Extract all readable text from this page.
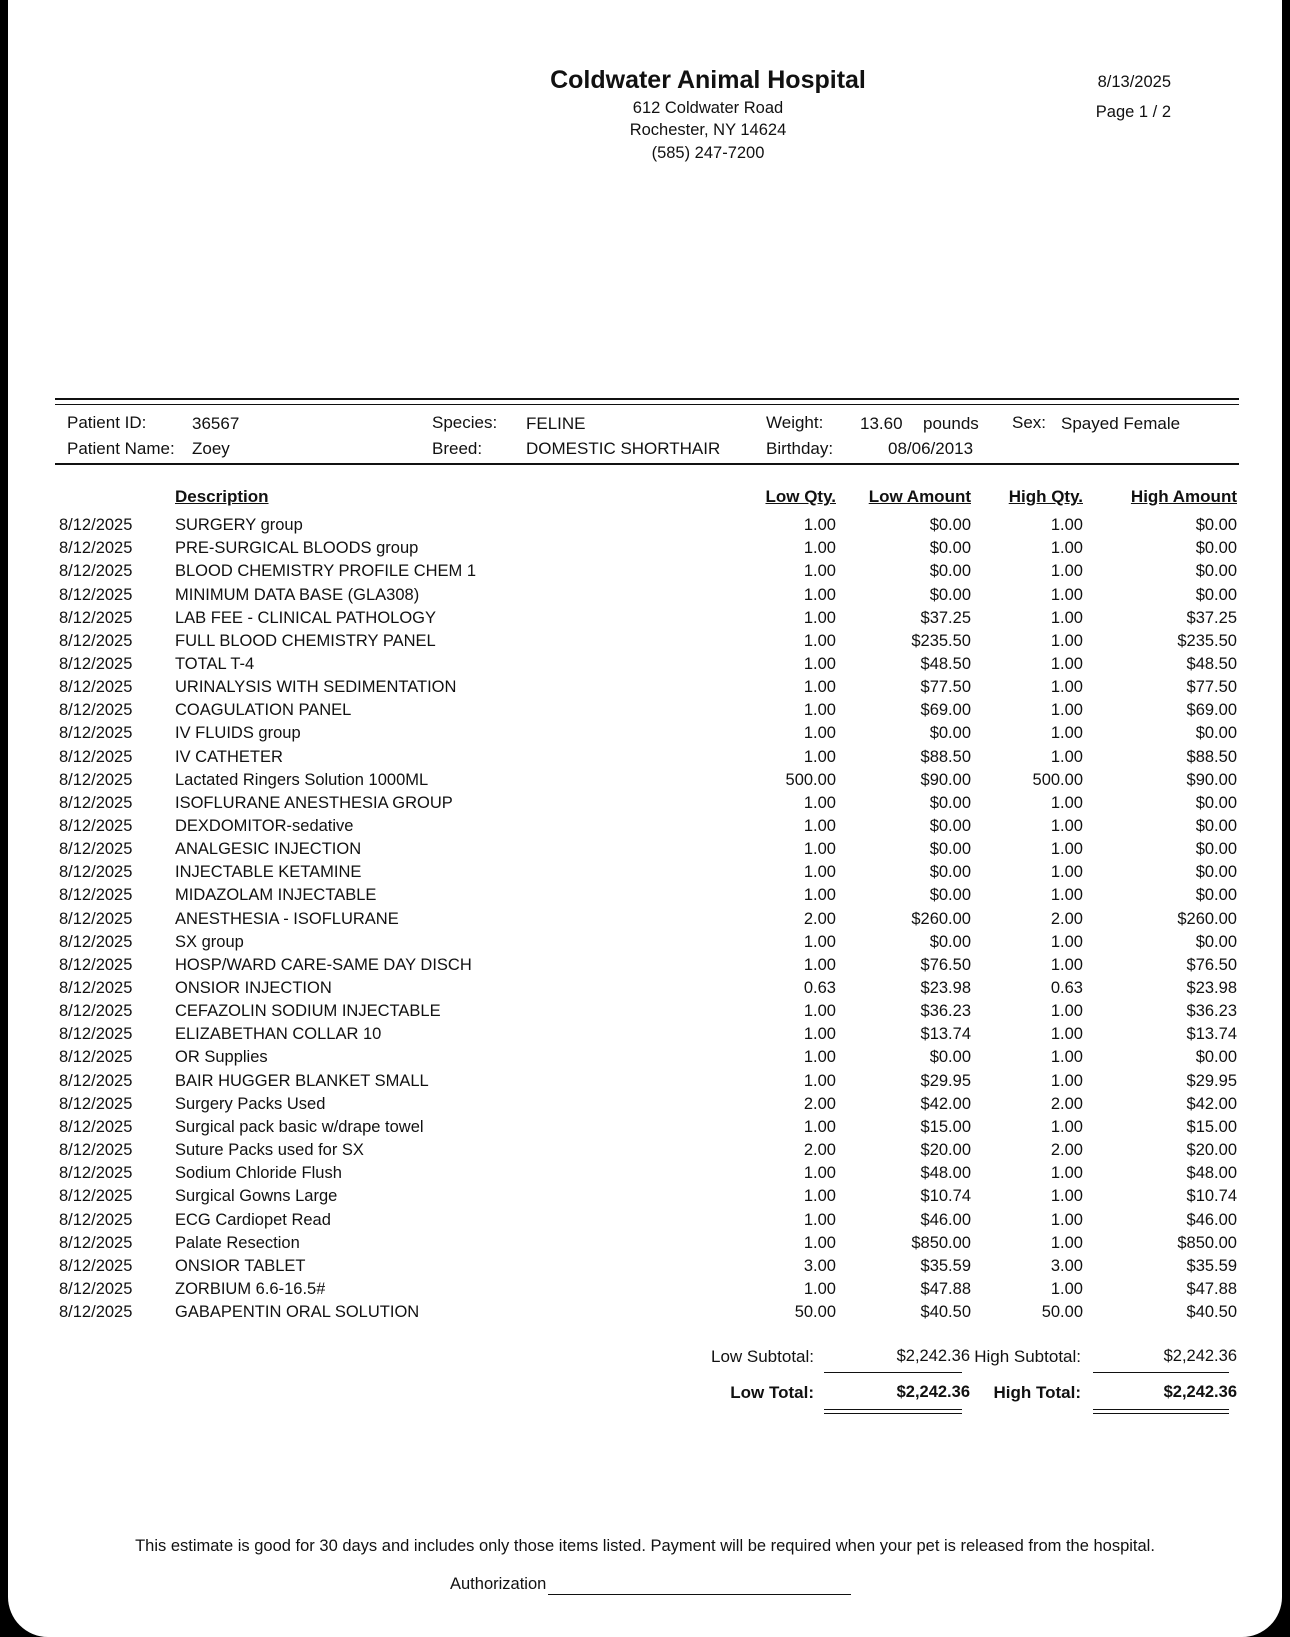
Coldwater Animal Hospital
612 Coldwater Road
Rochester, NY 14624
(585) 247-7200
8/13/2025
Page 1 / 2
Patient ID:	36567
Patient Name: Zoey
Species: FELINE
Breed:	DOMESTIC SHORTHAIR
Weight: 13.60 pounds
Birthday:	08/06/2013
Sex: Spayed Female
Description	Low Qty. Low Amount High Qty.	High Amount
8/12/2025	SURGERY group	1.00	$0.00	1.00	$0.00
8/12/2025	PRE-SURGICAL BLOODS group	1.00	$0.00	1.00	$0.00
8/12/2025	BLOOD CHEMISTRY PROFILE CHEM 1	1.00	$0.00	1.00	$0.00
8/12/2025	MINIMUM DATA BASE (GLA308)	1.00	$0.00	1.00	$0.00
8/12/2025	LAB FEE - CLINICAL PATHOLOGY	1.00	$37.25	1.00	$37.25
8/12/2025	FULL BLOOD CHEMISTRY PANEL	1.00	$235.50	1.00	$235.50
8/12/2025	TOTAL T-4	1.00	$48.50	1.00	$48.50
8/12/2025	URINALYSIS WITH SEDIMENTATION	1.00	$77.50	1.00	$77.50
8/12/2025	COAGULATION PANEL	1.00	$69.00	1.00	$69.00
8/12/2025	IV FLUIDS group	1.00	$0.00	1.00	$0.00
8/12/2025	IV CATHETER	1.00	$88.50	1.00	$88.50
8/12/2025	Lactated Ringers Solution 1000ML	500.00	$90.00	500.00	$90.00
8/12/2025	ISOFLURANE ANESTHESIA GROUP	1.00	$0.00	1.00	$0.00
8/12/2025	DEXDOMITOR-sedative	1.00	$0.00	1.00	$0.00
8/12/2025	ANALGESIC INJECTION	1.00	$0.00	1.00	$0.00
8/12/2025	INJECTABLE KETAMINE	1.00	$0.00	1.00	$0.00
8/12/2025	MIDAZOLAM INJECTABLE	1.00	$0.00	1.00	$0.00
8/12/2025	ANESTHESIA - ISOFLURANE	2.00	$260.00	2.00	$260.00
8/12/2025	SX group	1.00	$0.00	1.00	$0.00
8/12/2025	HOSP/WARD CARE-SAME DAY DISCH	1.00	$76.50	1.00	$76.50
8/12/2025	ONSIOR INJECTION	0.63	$23.98	0.63	$23.98
8/12/2025	CEFAZOLIN SODIUM INJECTABLE	1.00	$36.23	1.00	$36.23
8/12/2025	ELIZABETHAN COLLAR 10	1.00	$13.74	1.00	$13.74
8/12/2025	OR Supplies	1.00	$0.00	1.00	$0.00
8/12/2025	BAIR HUGGER BLANKET SMALL	1.00	$29.95	1.00	$29.95
8/12/2025	Surgery Packs Used	2.00	$42.00	2.00	$42.00
8/12/2025	Surgical pack basic w/drape towel	1.00	$15.00	1.00	$15.00
8/12/2025	Suture Packs used for SX	2.00	$20.00	2.00	$20.00
8/12/2025	Sodium Chloride Flush	1.00	$48.00	1.00	$48.00
8/12/2025	Surgical Gowns Large	1.00	$10.74	1.00	$10.74
8/12/2025	ECG Cardiopet Read	1.00	$46.00	1.00	$46.00
8/12/2025	Palate Resection	1.00	$850.00	1.00	$850.00
8/12/2025	ONSIOR TABLET	3.00	$35.59	3.00	$35.59
8/12/2025	ZORBIUM 6.6-16.5#	1.00	$47.88	1.00	$47.88
8/12/2025	GABAPENTIN ORAL SOLUTION	50.00	$40.50	50.00	$40.50
Low Subtotal:	$2,242.36 High Subtotal:	$2,242.36
Low Total:	$2,242.36 High Total:	$2,242.36
This estimate is good for 30 days and includes only those items listed. Payment will be required when your pet is released from the hospital.
Authorization
